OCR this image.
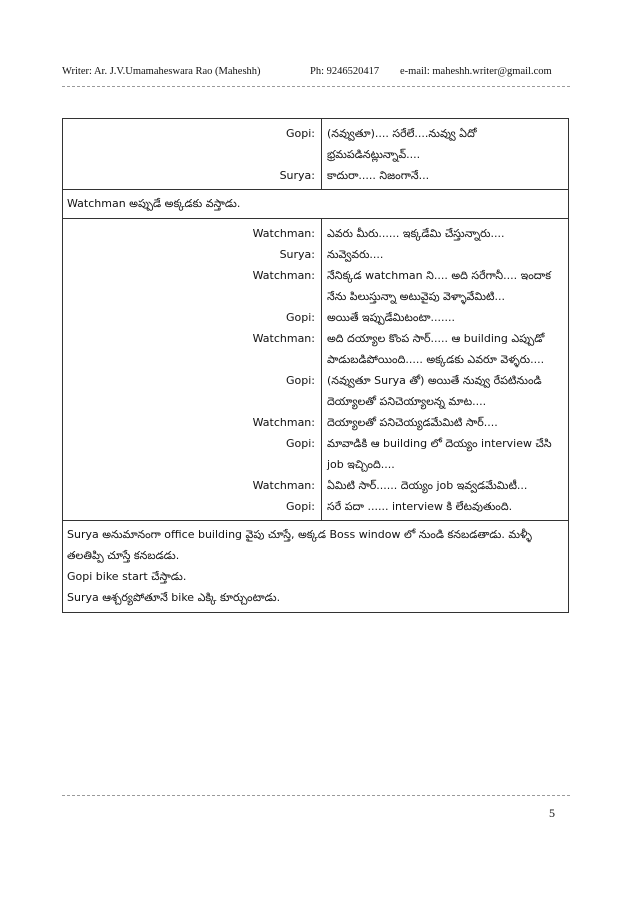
Writer: Ar. J.V.Umamaheswara Rao (Maheshh)	Ph: 9246520417 e-mail: maheshh.writer@gmail.com
Gopi:	(నవ్వుతూ).... సరేలే....నువ్వు ఏదో భ్రమపడినట్లున్నావ్....
Surya:	కాదురా..... నిజంగానే...

Watchman అప్పుడే అక్కడకు వస్తాడు.

Watchman:	ఎవరు మీరు...... ఇక్కడేమి చేస్తున్నారు....
Surya:	నువ్వెవరు....
Watchman:	నేనిక్కడ watchman ని.... అది సరేగానీ.... ఇందాక నేను పిలుస్తున్నా అటువైపు వెళ్ళావేమిటి...
Gopi:	అయితే ఇప్పుడేమిటంటా.......
Watchman:	అది దయ్యాల కొంప సార్..... ఆ building ఎప్పుడో పాడుబడిపోయింది..... అక్కడకు ఎవరూ వెళ్ళరు....
Gopi:	(నవ్వుతూ Surya తో) అయితే నువ్వు రేపటినుండి దెయ్యాలతో పనిచెయ్యాలన్న మాట....
Watchman:	దెయ్యాలతో పనిచెయ్యడమేమిటి సార్....
Gopi:	మావాడికి ఆ building లో దెయ్యం interview చేసి job ఇచ్చింది....
Watchman:	ఏమిటి సార్...... దెయ్యం job ఇవ్వడమేమిటీ...
Gopi:	సరే పదా ...... interview కి లేటవుతుంది.

Surya అనుమానంగా office building వైపు చూస్తే, అక్కడ Boss window లో నుండి కనబడతాడు. మళ్ళీ తలతిప్పి చూస్తే కనబడడు.
Gopi bike start చేస్తాడు.
Surya ఆశ్చర్యపోతూనే bike ఎక్కి కూర్చుంటాడు.
5
